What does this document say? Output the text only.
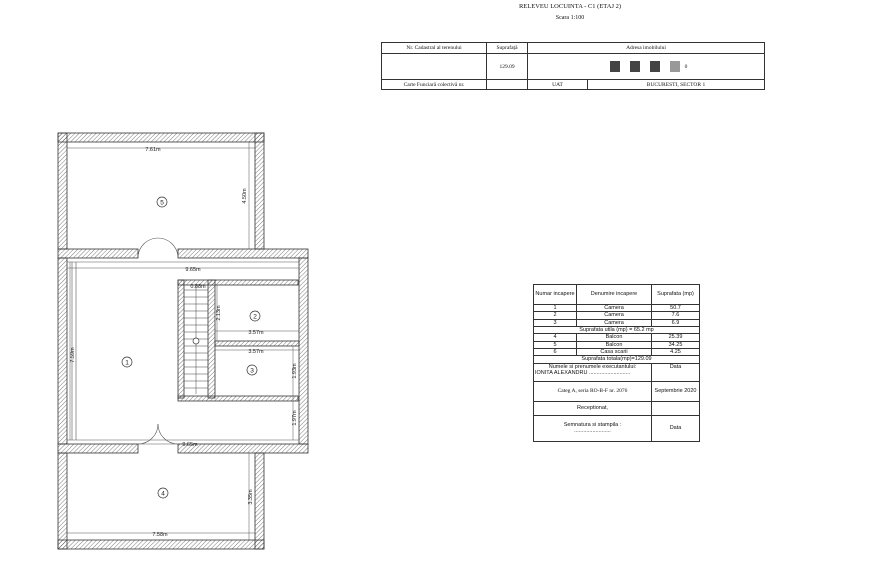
RELEVEU LOCUINTA - C1 (ETAJ 2)
Scara 1:100
Nr. Cadastral al terenului	Suprafață	Adresa imobilului	
	129.09	0	
Carte Funciară colectivă nr.		UAT	BUCURESTI, SECTOR 1
5
1
2
3
4
7.61m
4.50m
9.65m
0.88m
2.13m
3.57m
3.57m
1.93m
7.59m
1.97m
9.65m
3.35m
7.58m
Numar incapere	Denumire incapere	Suprafata (mp)
1	Camera	50.7
2	Camera	7.6
3	Camera	6.9
Suprafata utila (mp) = 65.2 mp		
4	Balcon	25.39
5	Balcon	34.25
6	Casa scarii	4.25
Suprafata totala(mp)=129.09		

Numele si prenumele executantului:
IONITA ALEXANDRU ...........................		Data
Categ A, seria RO-B-F nr. 2076		Septembrie 2020
Receptionat,		

Semnatura si stampila :
........................		Data
